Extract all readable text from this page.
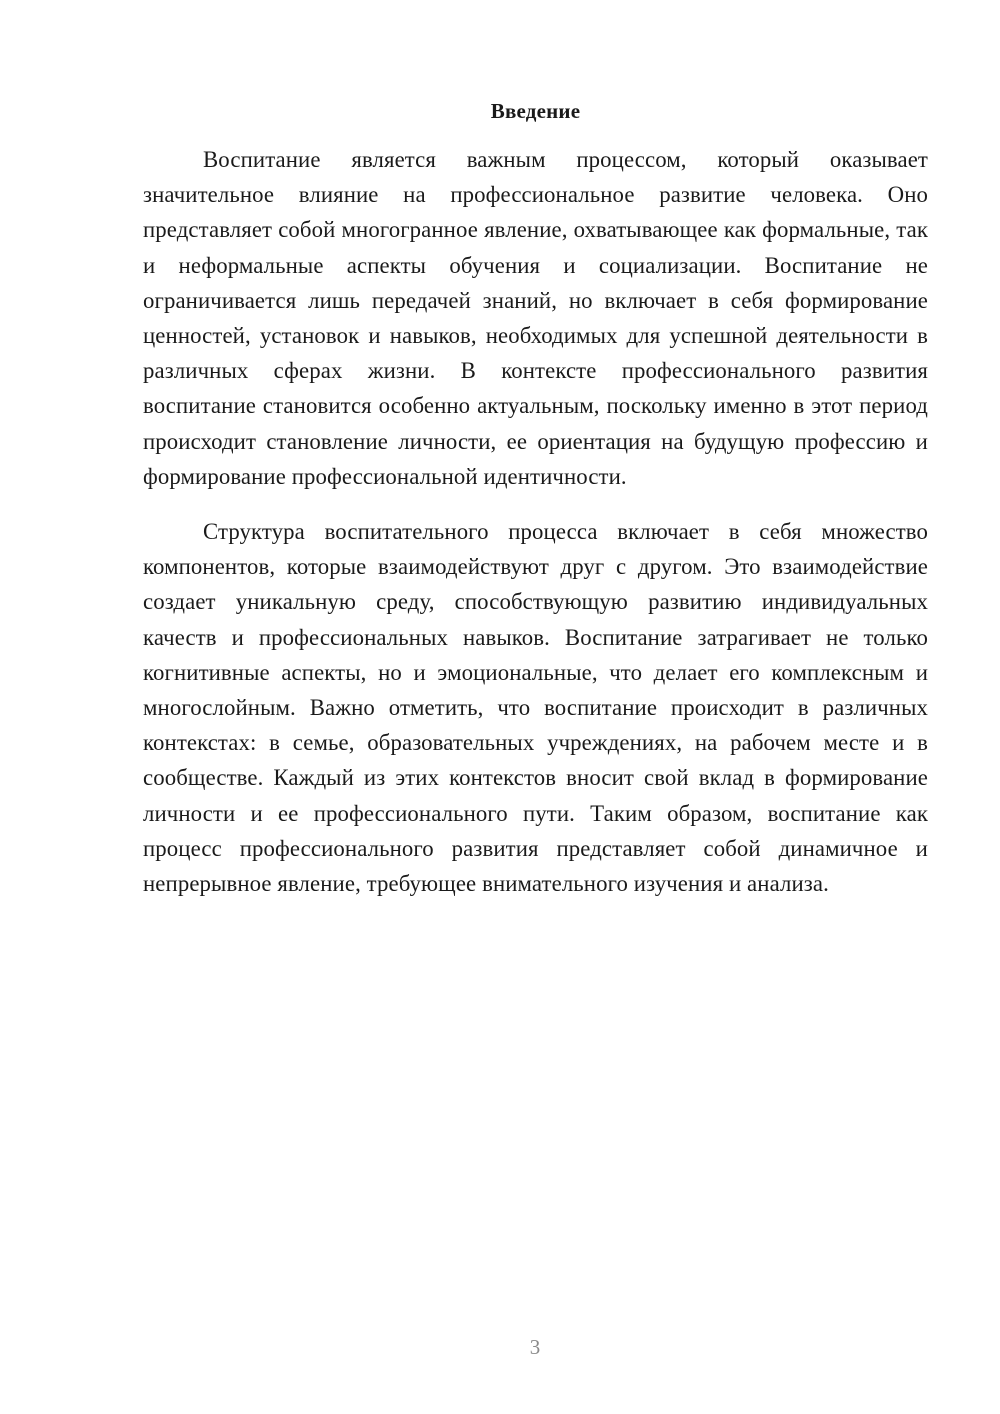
Введение

Воспитание является важным процессом, который оказывает значительное влияние на профессиональное развитие человека. Оно представляет собой многогранное явление, охватывающее как формальные, так и неформальные аспекты обучения и социализации. Воспитание не ограничивается лишь передачей знаний, но включает в себя формирование ценностей, установок и навыков, необходимых для успешной деятельности в различных сферах жизни. В контексте профессионального развития воспитание становится особенно актуальным, поскольку именно в этот период происходит становление личности, ее ориентация на будущую профессию и формирование профессиональной идентичности.

Структура воспитательного процесса включает в себя множество компонентов, которые взаимодействуют друг с другом. Это взаимодействие создает уникальную среду, способствующую развитию индивидуальных качеств и профессиональных навыков. Воспитание затрагивает не только когнитивные аспекты, но и эмоциональные, что делает его комплексным и многослойным. Важно отметить, что воспитание происходит в различных контекстах: в семье, образовательных учреждениях, на рабочем месте и в сообществе. Каждый из этих контекстов вносит свой вклад в формирование личности и ее профессионального пути. Таким образом, воспитание как процесс профессионального развития представляет собой динамичное и непрерывное явление, требующее внимательного изучения и анализа.

3
